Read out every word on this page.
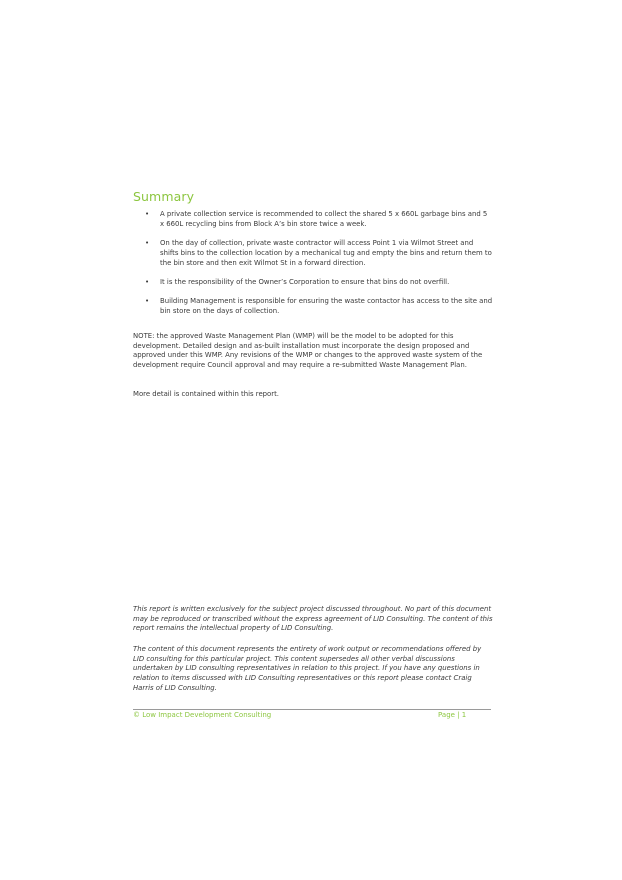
Summary
• A private collection service is recommended to collect the shared 5 x 660L garbage bins and 5 x 660L recycling bins from Block A’s bin store twice a week.
• On the day of collection, private waste contractor will access Point 1 via Wilmot Street and shifts bins to the collection location by a mechanical tug and empty the bins and return them to the bin store and then exit Wilmot St in a forward direction.
• It is the responsibility of the Owner’s Corporation to ensure that bins do not overfill.
• Building Management is responsible for ensuring the waste contactor has access to the site and bin store on the days of collection.

NOTE: the approved Waste Management Plan (WMP) will be the model to be adopted for this development. Detailed design and as-built installation must incorporate the design proposed and approved under this WMP. Any revisions of the WMP or changes to the approved waste system of the development require Council approval and may require a re-submitted Waste Management Plan.

More detail is contained within this report.

This report is written exclusively for the subject project discussed throughout. No part of this document may be reproduced or transcribed without the express agreement of LID Consulting. The content of this report remains the intellectual property of LID Consulting.

The content of this document represents the entirety of work output or recommendations offered by LID consulting for this particular project. This content supersedes all other verbal discussions undertaken by LID consulting representatives in relation to this project. If you have any questions in relation to items discussed with LID Consulting representatives or this report please contact Craig Harris of LID Consulting.

© Low Impact Development Consulting	Page | 1
